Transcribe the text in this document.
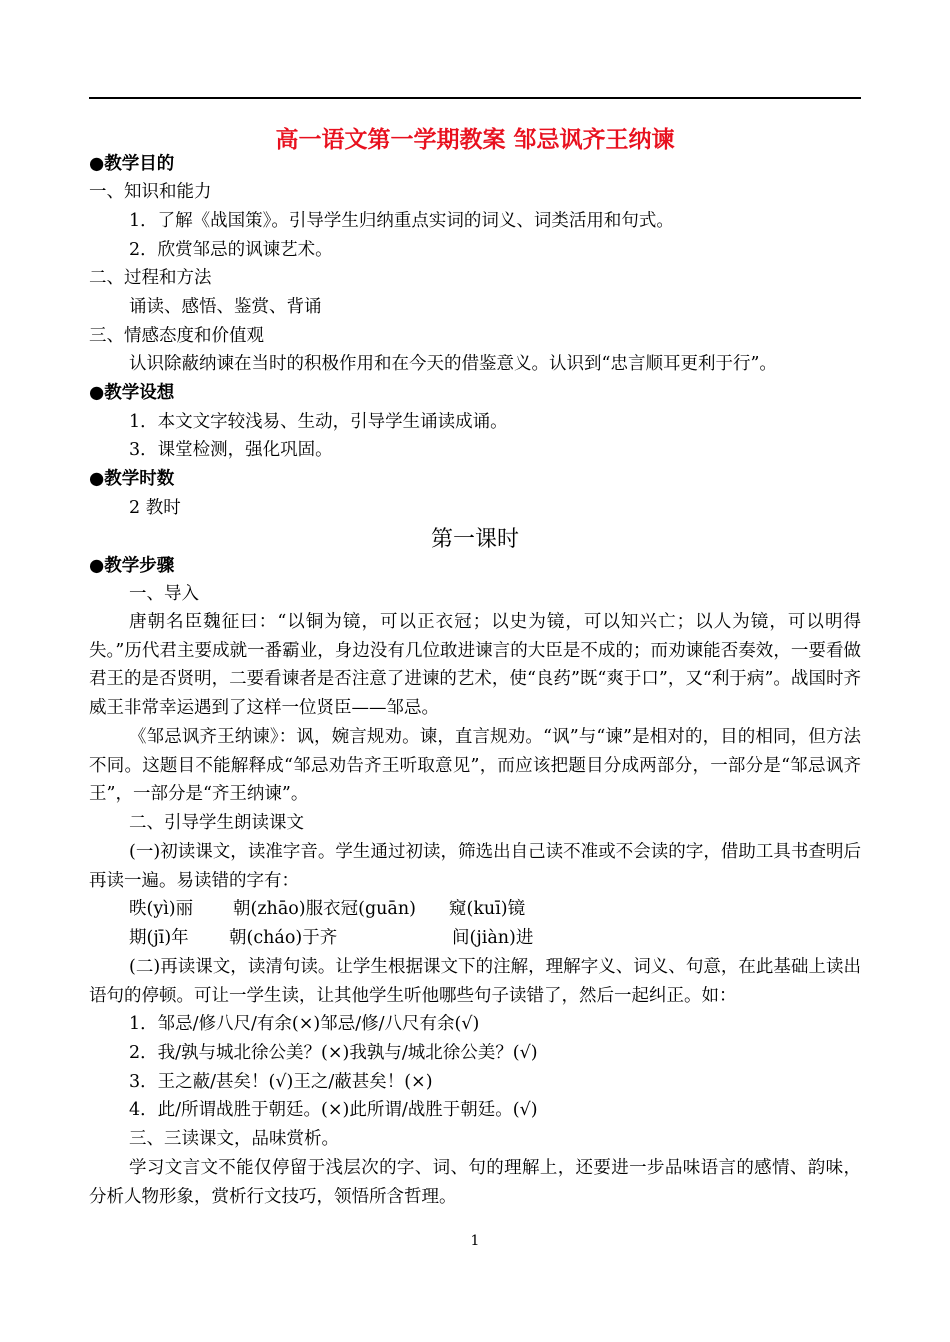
高一语文第一学期教案 邹忌讽齐王纳谏
●教学目的
一、知识和能力
1．了解《战国策》。引导学生归纳重点实词的词义、词类活用和句式。
2．欣赏邹忌的讽谏艺术。
二、过程和方法
诵读、感悟、鉴赏、背诵
三、情感态度和价值观
认识除蔽纳谏在当时的积极作用和在今天的借鉴意义。认识到“忠言顺耳更利于行”。
●教学设想
1．本文文字较浅易、生动，引导学生诵读成诵。
3．课堂检测，强化巩固。
●教学时数
2 教时
第一课时
●教学步骤
一、导入
唐朝名臣魏征曰：“以铜为镜，可以正衣冠；以史为镜，可以知兴亡；以人为镜，可以明得失。”历代君主要成就一番霸业，身边没有几位敢进谏言的大臣是不成的；而劝谏能否奏效，一要看做君王的是否贤明，二要看谏者是否注意了进谏的艺术，使“良药”既“爽于口”，又“利于病”。战国时齐威王非常幸运遇到了这样一位贤臣——邹忌。
《邹忌讽齐王纳谏》：讽，婉言规劝。谏，直言规劝。“讽”与“谏”是相对的，目的相同，但方法不同。这题目不能解释成“邹忌劝告齐王听取意见”，而应该把题目分成两部分，一部分是“邹忌讽齐王”，一部分是“齐王纳谏”。
二、引导学生朗读课文
(一)初读课文，读准字音。学生通过初读，筛选出自己读不准或不会读的字，借助工具书查明后再读一遍。易读错的字有：
昳(yì)丽 朝(zhāo)服衣冠(guān) 窥(kuī)镜
期(jī)年 朝(cháo)于齐	间(jiàn)进
(二)再读课文，读清句读。让学生根据课文下的注解，理解字义、词义、句意，在此基础上读出语句的停顿。可让一学生读，让其他学生听他哪些句子读错了，然后一起纠正。如：
1．邹忌/修八尺/有余(×)邹忌/修/八尺有余(√)
2．我/孰与城北徐公美？(×)我孰与/城北徐公美？(√)
3．王之蔽/甚矣！(√)王之/蔽甚矣！(×)
4．此/所谓战胜于朝廷。(×)此所谓/战胜于朝廷。(√)
三、三读课文，品味赏析。
学习文言文不能仅停留于浅层次的字、词、句的理解上，还要进一步品味语言的感情、韵味，分析人物形象，赏析行文技巧，领悟所含哲理。
1
